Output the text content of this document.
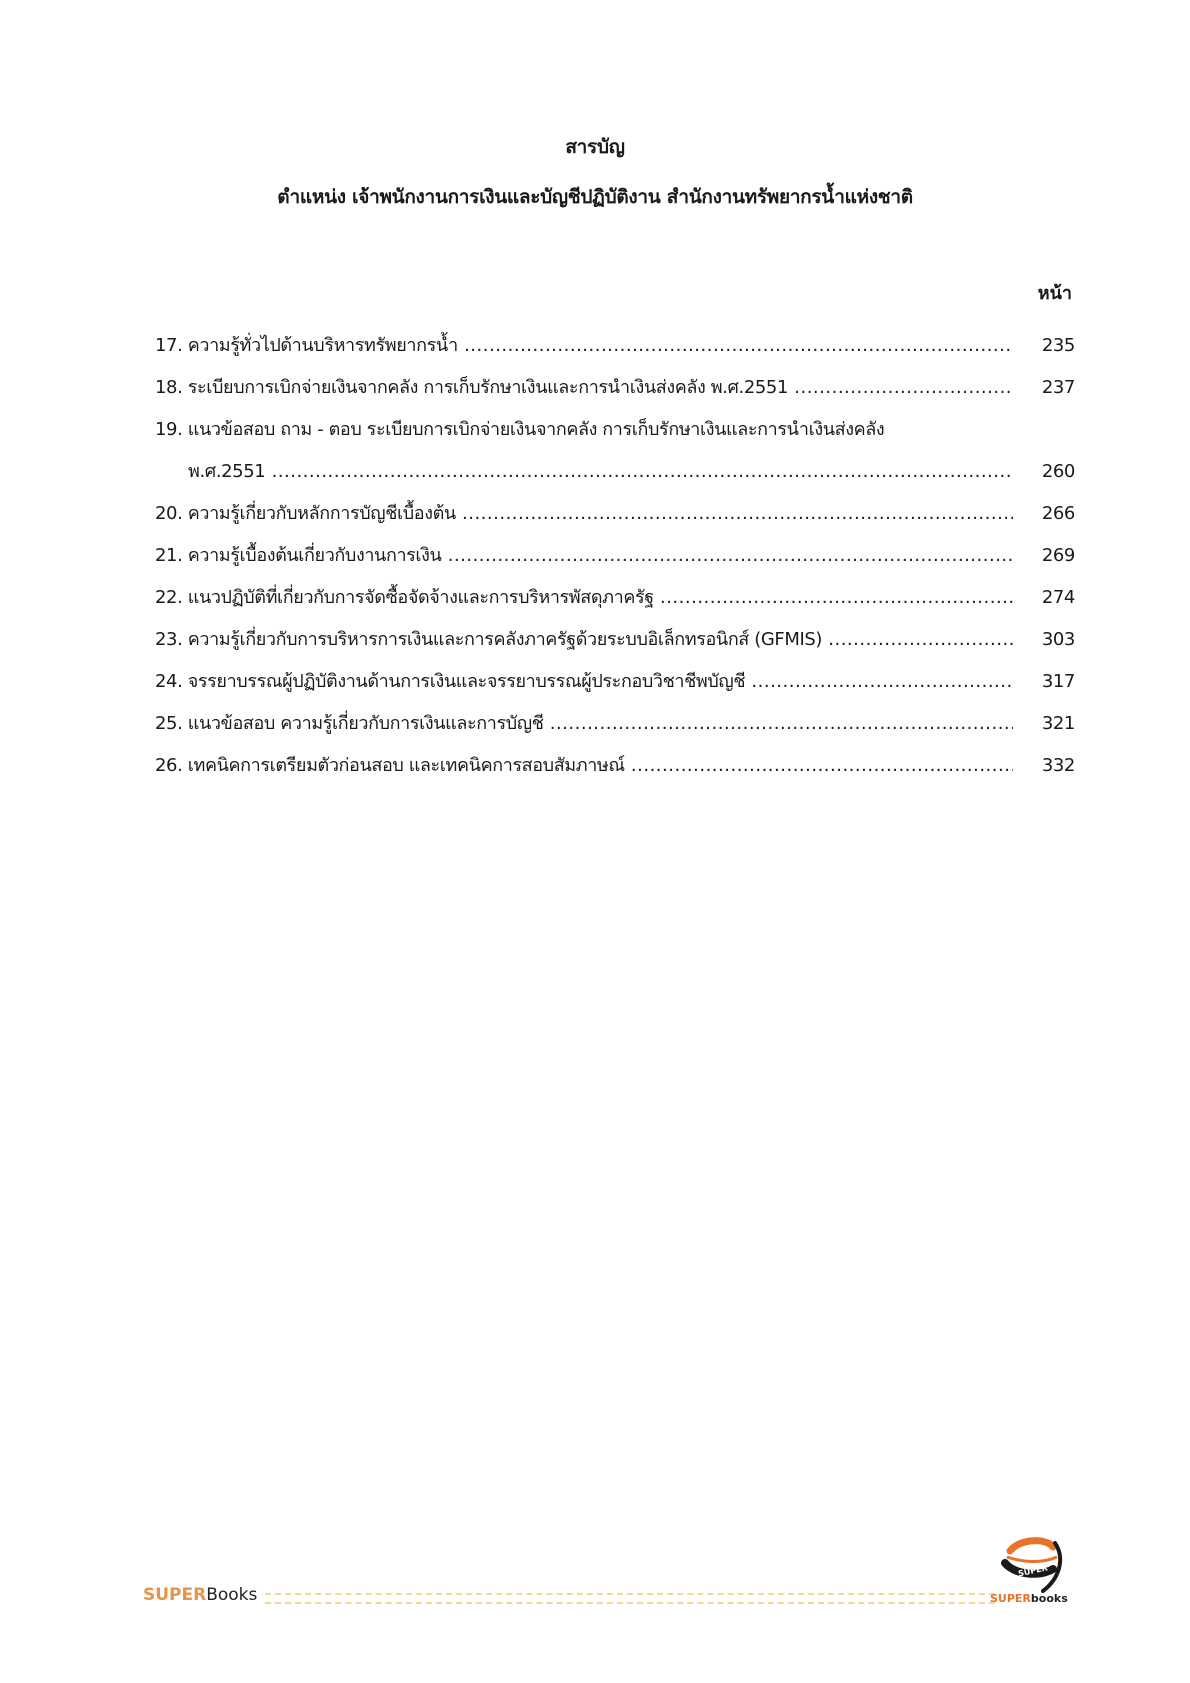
สารบัญ
ตำแหน่ง เจ้าพนักงานการเงินและบัญชีปฏิบัติงาน สำนักงานทรัพยากรน้ำแห่งชาติ
หน้า
17. ความรู้ทั่วไปด้านบริหารทรัพยากรน้ำ .....	235
18. ระเบียบการเบิกจ่ายเงินจากคลัง การเก็บรักษาเงินและการนำเงินส่งคลัง พ.ศ.2551 .....	237
19. แนวข้อสอบ ถาม - ตอบ ระเบียบการเบิกจ่ายเงินจากคลัง การเก็บรักษาเงินและการนำเงินส่งคลัง
พ.ศ.2551 .....	260
20. ความรู้เกี่ยวกับหลักการบัญชีเบื้องต้น .....	266
21. ความรู้เบื้องต้นเกี่ยวกับงานการเงิน .....	269
22. แนวปฏิบัติที่เกี่ยวกับการจัดซื้อจัดจ้างและการบริหารพัสดุภาครัฐ .....	274
23. ความรู้เกี่ยวกับการบริหารการเงินและการคลังภาครัฐด้วยระบบอิเล็กทรอนิกส์ (GFMIS) .....	303
24. จรรยาบรรณผู้ปฏิบัติงานด้านการเงินและจรรยาบรรณผู้ประกอบวิชาชีพบัญชี .....	317
25. แนวข้อสอบ ความรู้เกี่ยวกับการเงินและการบัญชี .....	321
26. เทคนิคการเตรียมตัวก่อนสอบ และเทคนิคการสอบสัมภาษณ์ .....	332
SUPERBooks
SUPER
SUPERbooks
